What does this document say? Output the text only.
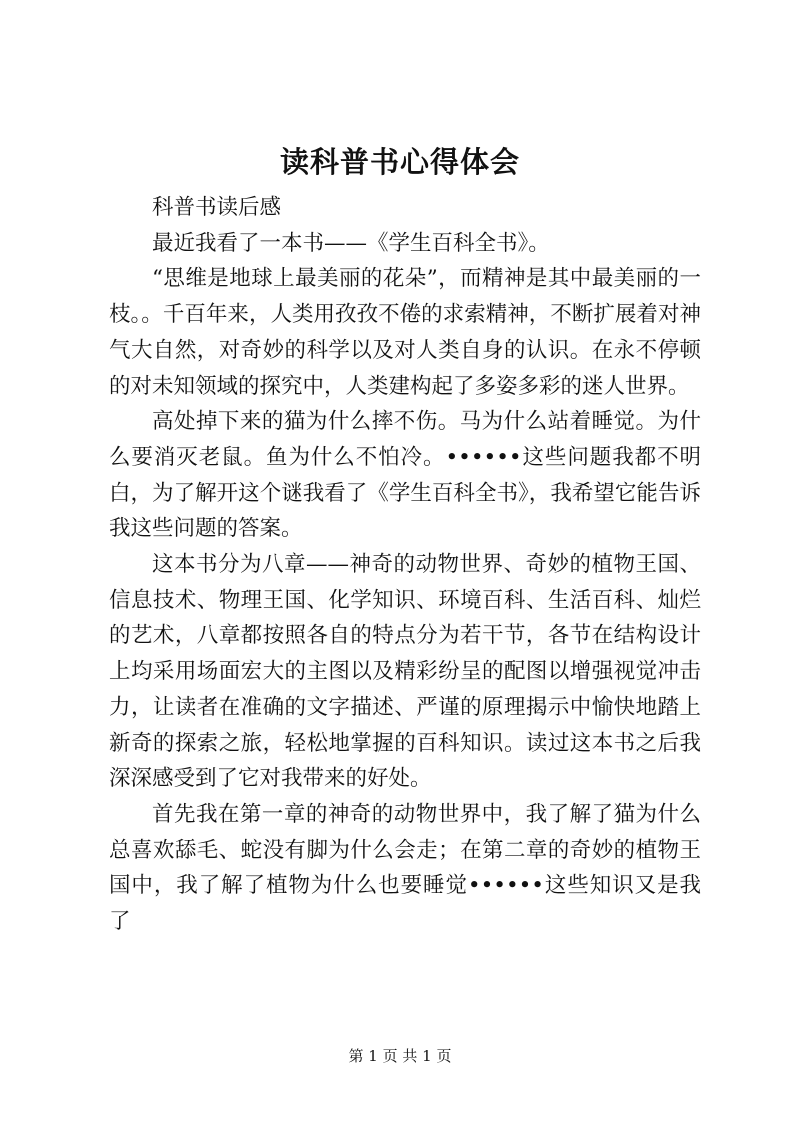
读科普书心得体会

科普书读后感

最近我看了一本书——《学生百科全书》。

“思维是地球上最美丽的花朵”，而精神是其中最美丽的一枝。。千百年来，人类用孜孜不倦的求索精神，不断扩展着对神气大自然，对奇妙的科学以及对人类自身的认识。在永不停顿的对未知领域的探究中，人类建构起了多姿多彩的迷人世界。

高处掉下来的猫为什么摔不伤。马为什么站着睡觉。为什么要消灭老鼠。鱼为什么不怕冷。••••••这些问题我都不明白，为了解开这个谜我看了《学生百科全书》，我希望它能告诉我这些问题的答案。

这本书分为八章——神奇的动物世界、奇妙的植物王国、信息技术、物理王国、化学知识、环境百科、生活百科、灿烂的艺术，八章都按照各自的特点分为若干节，各节在结构设计上均采用场面宏大的主图以及精彩纷呈的配图以增强视觉冲击力，让读者在准确的文字描述、严谨的原理揭示中愉快地踏上新奇的探索之旅，轻松地掌握的百科知识。读过这本书之后我深深感受到了它对我带来的好处。

首先我在第一章的神奇的动物世界中，我了解了猫为什么总喜欢舔毛、蛇没有脚为什么会走；在第二章的奇妙的植物王国中，我了解了植物为什么也要睡觉••••••这些知识又是我了

第 1 页 共 1 页
